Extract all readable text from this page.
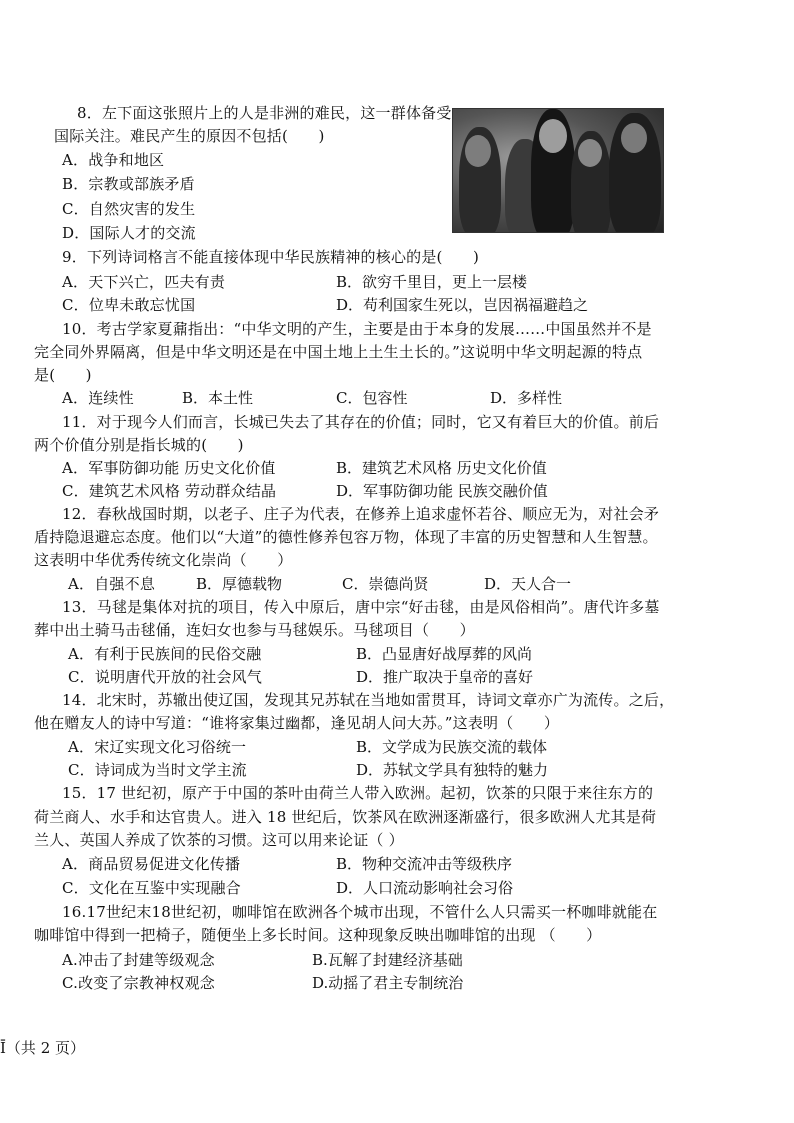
8．左下面这张照片上的人是非洲的难民，这一群体备受
国际关注。难民产生的原因不包括(　　)
A．战争和地区
B．宗教或部族矛盾
C．自然灾害的发生
D．国际人才的交流
9．下列诗词格言不能直接体现中华民族精神的核心的是(　　)
A．天下兴亡，匹夫有责	B．欲穷千里目，更上一层楼
C．位卑未敢忘忧国	D．苟利国家生死以，岂因祸福避趋之
10．考古学家夏鼐指出：“中华文明的产生，主要是由于本身的发展……中国虽然并不是
完全同外界隔离，但是中华文明还是在中国土地上土生土长的。”这说明中华文明起源的特点
是(　　)
A．连续性	B．本土性	C．包容性	D．多样性
11．对于现今人们而言，长城已失去了其存在的价值；同时，它又有着巨大的价值。前后
两个价值分别是指长城的(　　)
A．军事防御功能 历史文化价值	B．建筑艺术风格 历史文化价值
C．建筑艺术风格 劳动群众结晶	D．军事防御功能 民族交融价值
12．春秋战国时期，以老子、庄子为代表，在修养上追求虚怀若谷、顺应无为，对社会矛
盾持隐退避忘态度。他们以“大道”的德性修养包容万物，体现了丰富的历史智慧和人生智慧。
这表明中华优秀传统文化崇尚（　　）
A．自强不息	B．厚德载物	C．崇德尚贤	D．天人合一
13．马毬是集体对抗的项目，传入中原后，唐中宗“好击毬，由是风俗相尚”。唐代许多墓
葬中出土骑马击毬俑，连妇女也参与马毬娱乐。马毬项目（　　）
A．有利于民族间的民俗交融	B．凸显唐好战厚葬的风尚
C．说明唐代开放的社会风气	D．推广取决于皇帝的喜好
14．北宋时，苏辙出使辽国，发现其兄苏轼在当地如雷贯耳，诗词文章亦广为流传。之后，
他在赠友人的诗中写道：“谁将家集过幽都，逢见胡人问大苏。”这表明（　　）
A．宋辽实现文化习俗统一	B．文学成为民族交流的载体
C．诗词成为当时文学主流	D．苏轼文学具有独特的魅力
15．17 世纪初，原产于中国的茶叶由荷兰人带入欧洲。起初，饮茶的只限于来往东方的
荷兰商人、水手和达官贵人。进入 18 世纪后，饮茶风在欧洲逐渐盛行，很多欧洲人尤其是荷
兰人、英国人养成了饮茶的习惯。这可以用来论证（ ）
A．商品贸易促进文化传播	B．物种交流冲击等级秩序
C．文化在互鉴中实现融合	D．人口流动影响社会习俗
16.17世纪末18世纪初，咖啡馆在欧洲各个城市出现，不管什么人只需买一杯咖啡就能在
咖啡馆中得到一把椅子，随便坐上多长时间。这种现象反映出咖啡馆的出现 （　　）
A.冲击了封建等级观念	B.瓦解了封建经济基础
C.改变了宗教神权观念	D.动摇了君主专制统治
Ī（共 2 页）
